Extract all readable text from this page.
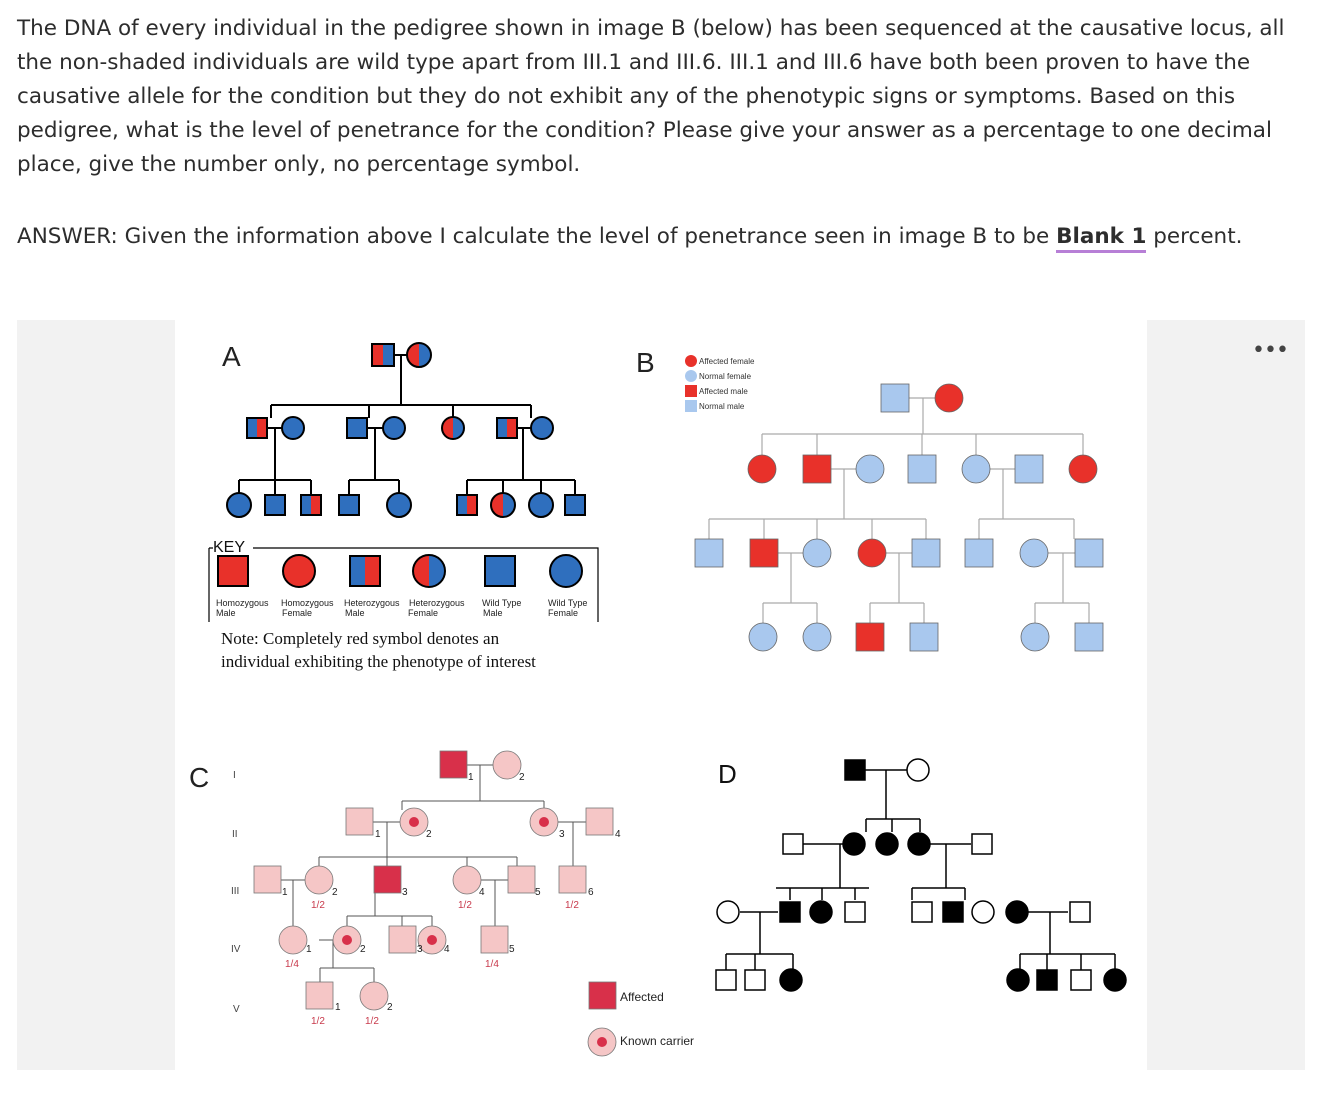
The DNA of every individual in the pedigree shown in image B (below) has been sequenced at the causative locus, all the non-shaded individuals are wild type apart from III.1 and III.6. III.1 and III.6 have both been proven to have the causative allele for the condition but they do not exhibit any of the phenotypic signs or symptoms. Based on this pedigree, what is the level of penetrance for the condition? Please give your answer as a percentage to one decimal place, give the number only, no percentage symbol.
ANSWER: Given the information above I calculate the level of penetrance seen in image B to be Blank 1 percent.
•••
A
KEY
Homozygous
Male
Homozygous
Female
Heterozygous
Male
Heterozygous
Female
Wild Type
Male
Wild Type
Female
Note: Completely red symbol denotes an
individual exhibiting the phenotype of interest
B	Affected female
Normal female
Affected male
Normal male
C I
II
III
IV
V
1	2
1	2	3	4
1	2	3	4	5	6
1	2	3 4	5
1	2
1/2	1/2	1/2
1/4	1/4
1/2	1/2
Affected
Known carrier
D
